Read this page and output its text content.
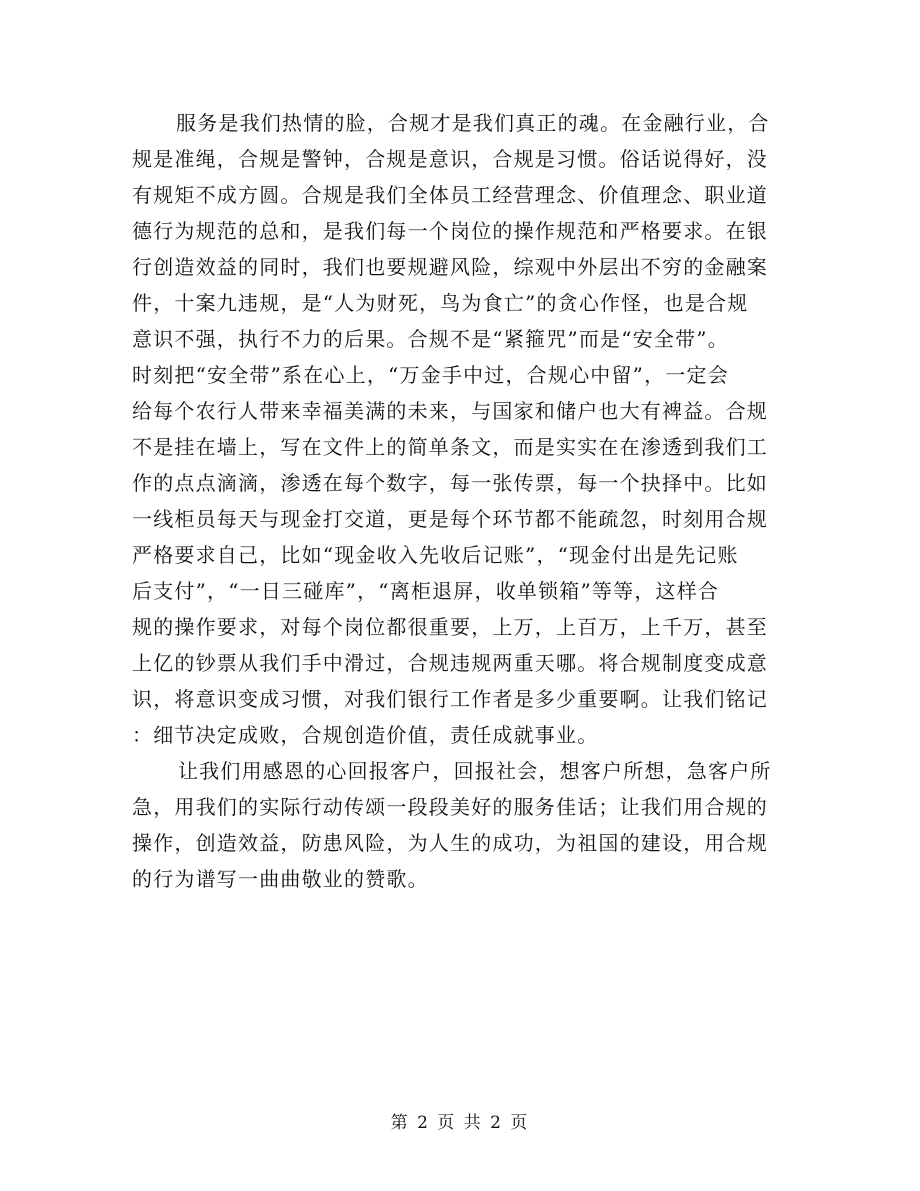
服务是我们热情的脸，合规才是我们真正的魂。在金融行业，合
规是准绳，合规是警钟，合规是意识，合规是习惯。俗话说得好，没
有规矩不成方圆。合规是我们全体员工经营理念、价值理念、职业道
德行为规范的总和，是我们每一个岗位的操作规范和严格要求。在银
行创造效益的同时，我们也要规避风险，综观中外层出不穷的金融案
件，十案九违规，是“人为财死，鸟为食亡”的贪心作怪，也是合规
意识不强，执行不力的后果。合规不是“紧箍咒”而是“安全带”。
时刻把“安全带”系在心上，“万金手中过，合规心中留”，一定会
给每个农行人带来幸福美满的未来，与国家和储户也大有裨益。合规
不是挂在墙上，写在文件上的简单条文，而是实实在在渗透到我们工
作的点点滴滴，渗透在每个数字，每一张传票，每一个抉择中。比如
一线柜员每天与现金打交道，更是每个环节都不能疏忽，时刻用合规
严格要求自己，比如“现金收入先收后记账”，“现金付出是先记账
后支付”，“一日三碰库”，“离柜退屏，收单锁箱”等等，这样合
规的操作要求，对每个岗位都很重要，上万，上百万，上千万，甚至
上亿的钞票从我们手中滑过，合规违规两重天哪。将合规制度变成意
识，将意识变成习惯，对我们银行工作者是多少重要啊。让我们铭记
：细节决定成败，合规创造价值，责任成就事业。
让我们用感恩的心回报客户，回报社会，想客户所想，急客户所
急，用我们的实际行动传颂一段段美好的服务佳话；让我们用合规的
操作，创造效益，防患风险，为人生的成功，为祖国的建设，用合规
的行为谱写一曲曲敬业的赞歌。
第 2 页 共 2 页
